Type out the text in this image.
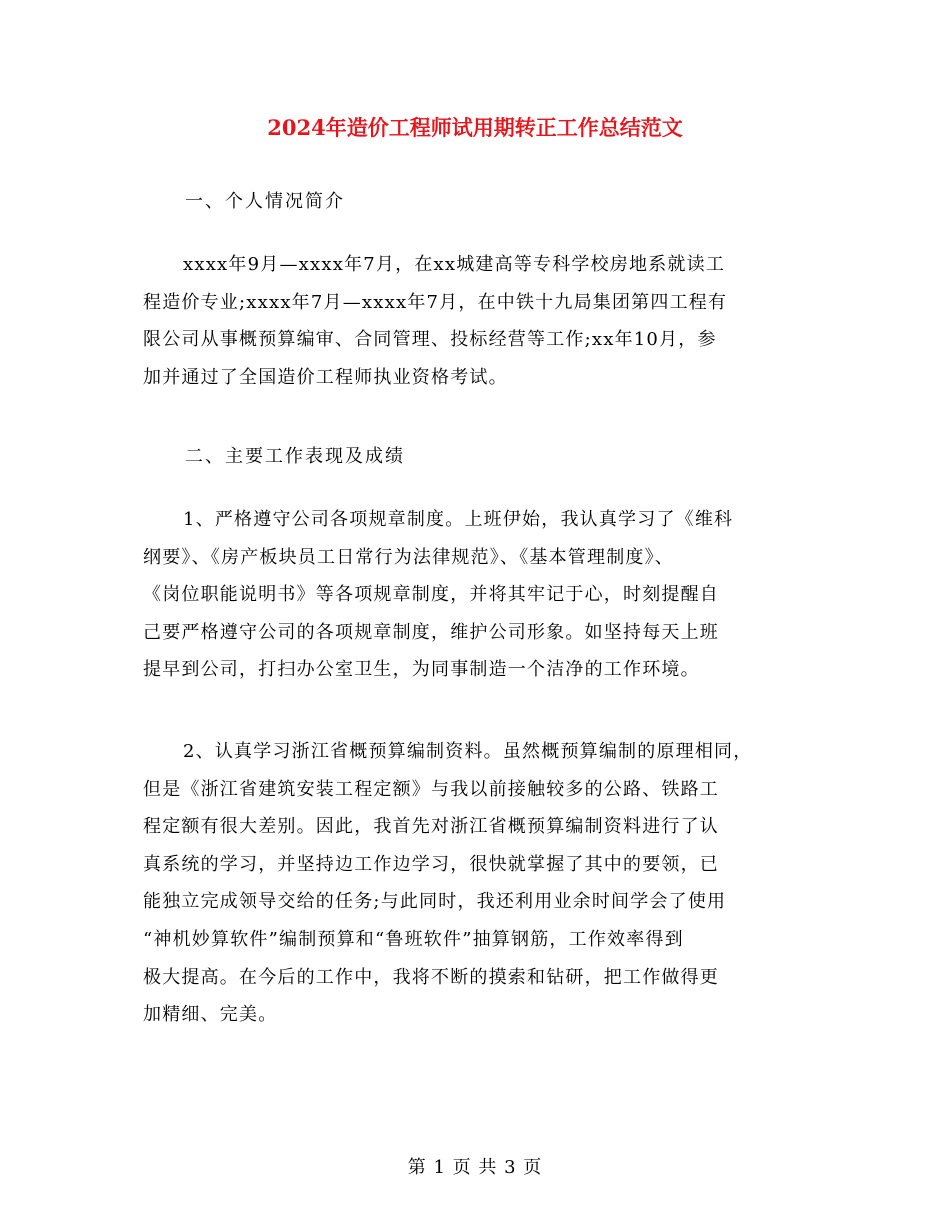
2024年造价工程师试用期转正工作总结范文
一、个人情况简介
xxxx年9月—xxxx年7月，在xx城建高等专科学校房地系就读工
程造价专业;xxxx年7月—xxxx年7月，在中铁十九局集团第四工程有
限公司从事概预算编审、合同管理、投标经营等工作;xx年10月，参
加并通过了全国造价工程师执业资格考试。
二、主要工作表现及成绩
1、严格遵守公司各项规章制度。上班伊始，我认真学习了《维科
纲要》、《房产板块员工日常行为法律规范》、《基本管理制度》、
《岗位职能说明书》等各项规章制度，并将其牢记于心，时刻提醒自
己要严格遵守公司的各项规章制度，维护公司形象。如坚持每天上班
提早到公司，打扫办公室卫生，为同事制造一个洁净的工作环境。
2、认真学习浙江省概预算编制资料。虽然概预算编制的原理相同，
但是《浙江省建筑安装工程定额》与我以前接触较多的公路、铁路工
程定额有很大差别。因此，我首先对浙江省概预算编制资料进行了认
真系统的学习，并坚持边工作边学习，很快就掌握了其中的要领，已
能独立完成领导交给的任务;与此同时，我还利用业余时间学会了使用
“神机妙算软件”编制预算和“鲁班软件”抽算钢筋，工作效率得到
极大提高。在今后的工作中，我将不断的摸索和钻研，把工作做得更
加精细、完美。
第 1 页 共 3 页
